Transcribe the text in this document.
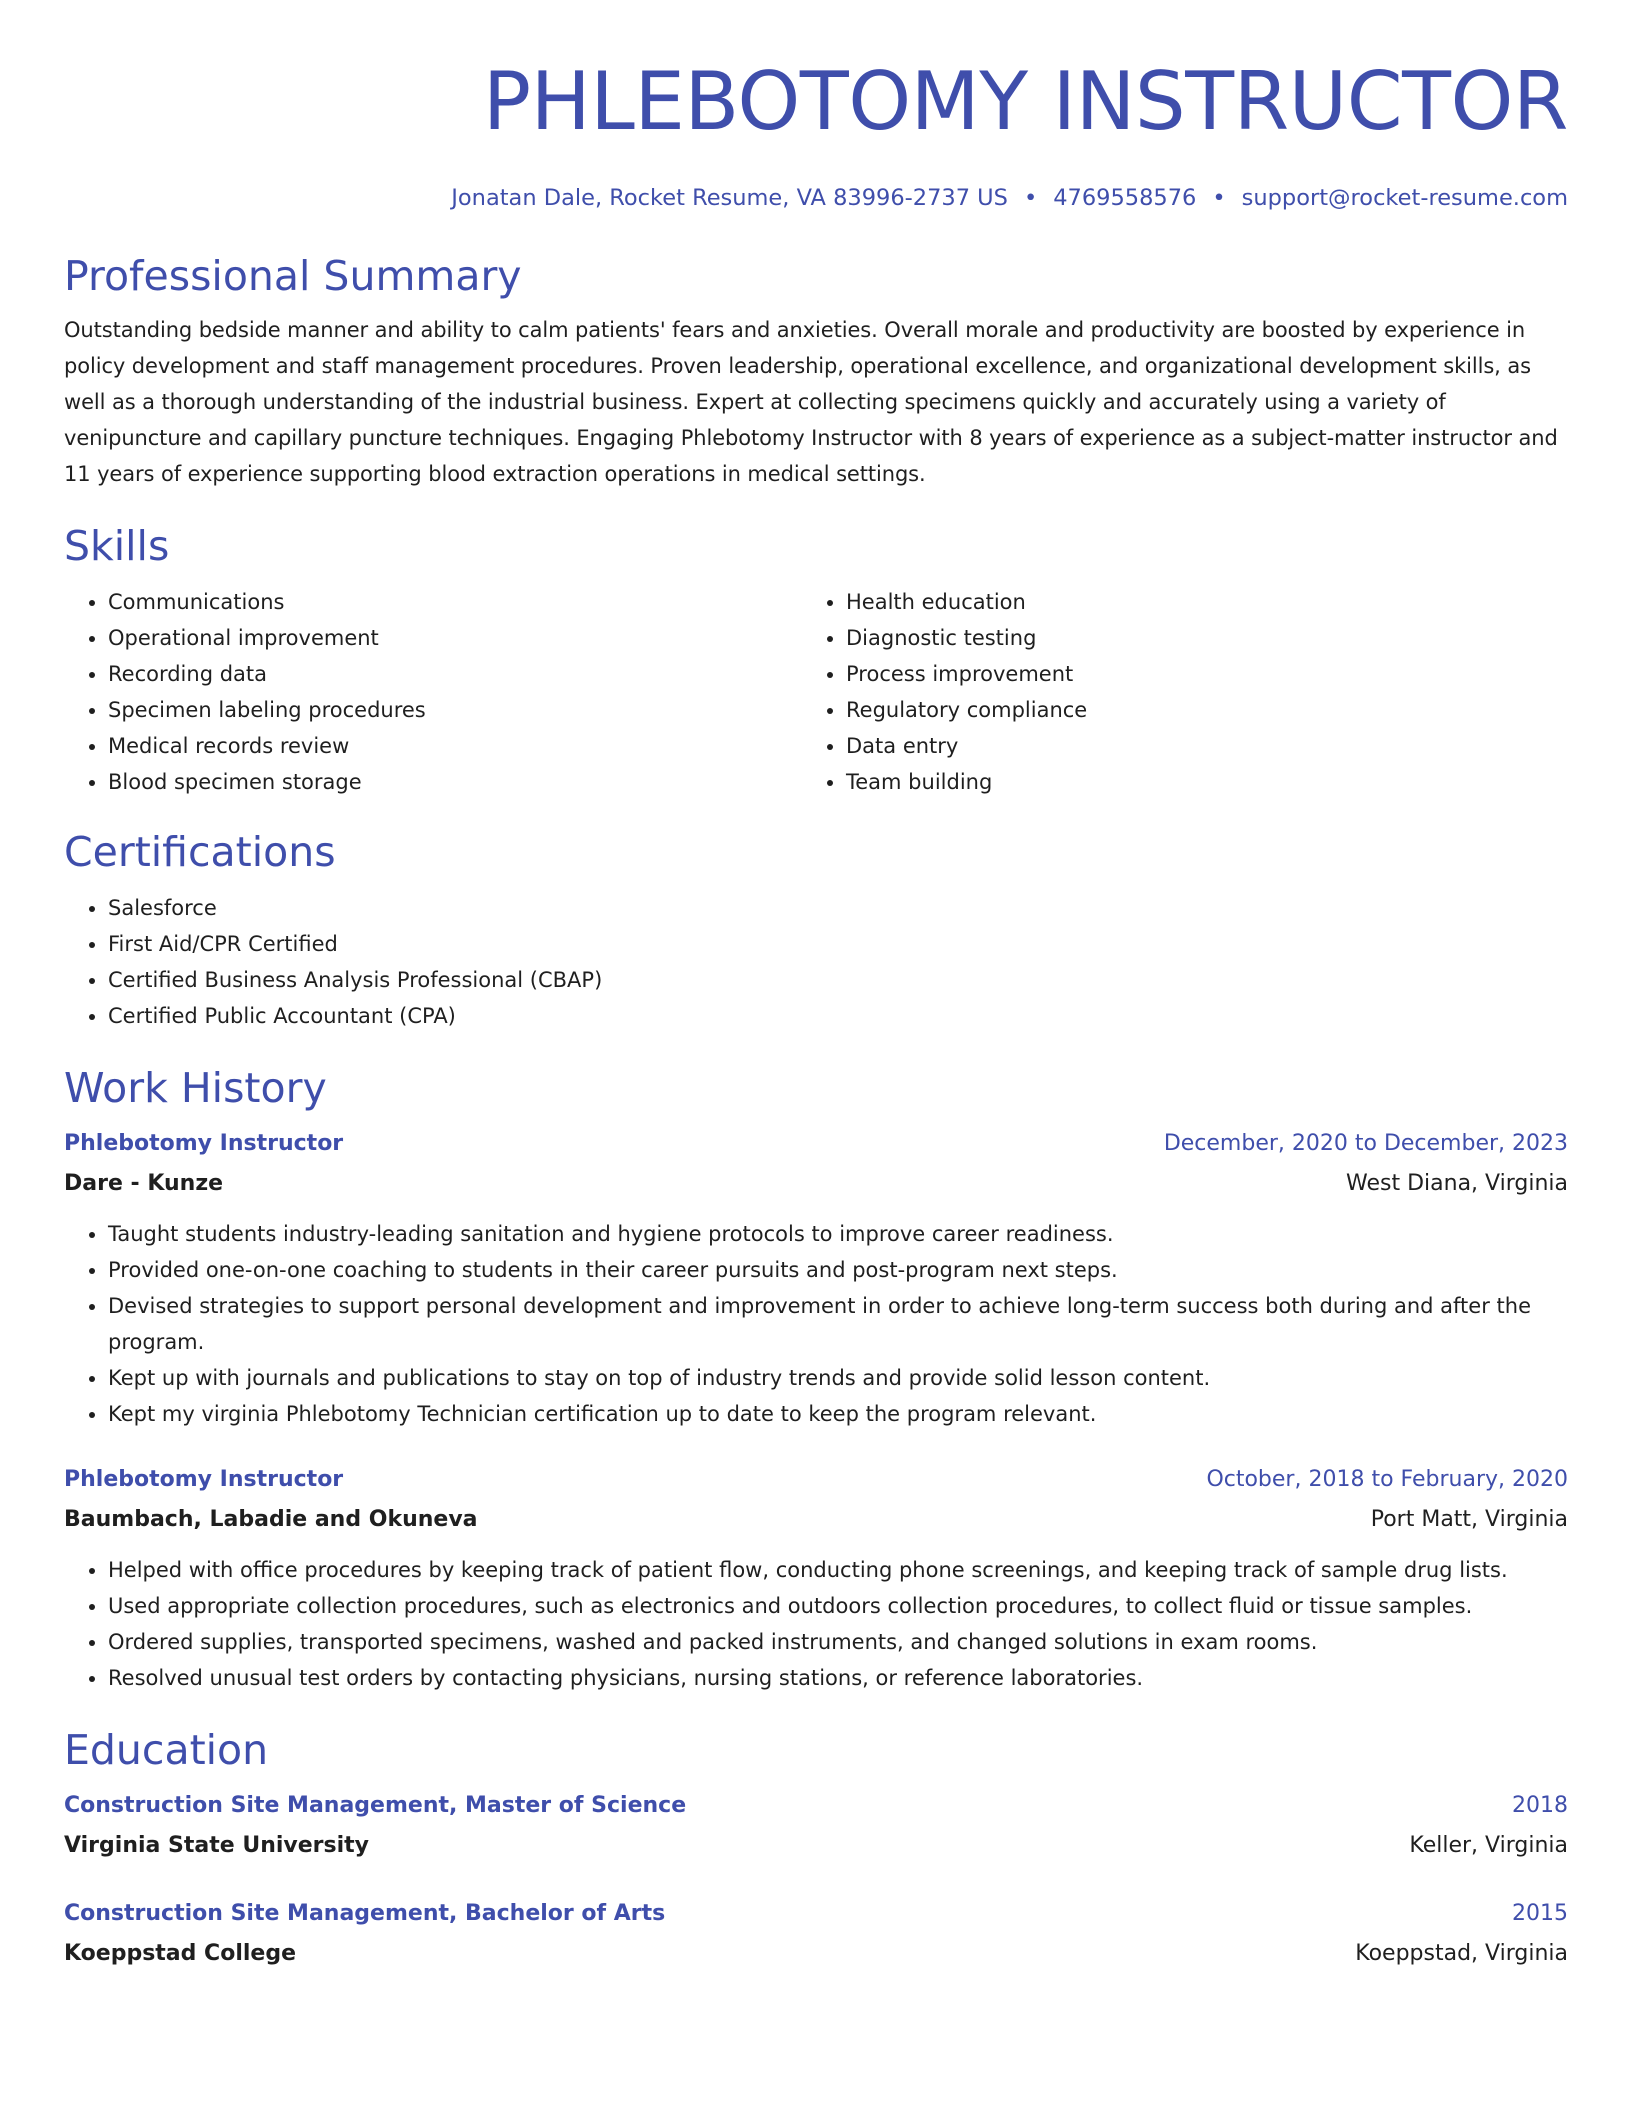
PHLEBOTOMY INSTRUCTOR
Jonatan Dale, Rocket Resume, VA 83996-2737 US • 4769558576 • support@rocket-resume.com
Professional Summary

Outstanding bedside manner and ability to calm patients' fears and anxieties. Overall morale and productivity are boosted by experience in policy development and staff management procedures. Proven leadership, operational excellence, and organizational development skills, as well as a thorough understanding of the industrial business. Expert at collecting specimens quickly and accurately using a variety of venipuncture and capillary puncture techniques. Engaging Phlebotomy Instructor with 8 years of experience as a subject-matter instructor and 11 years of experience supporting blood extraction operations in medical settings.

Skills
• Communications
• Operational improvement
• Recording data
• Specimen labeling procedures
• Medical records review
• Blood specimen storage
• Health education
• Diagnostic testing
• Process improvement
• Regulatory compliance
• Data entry
• Team building
Certifications
• Salesforce
• First Aid/CPR Certified
• Certified Business Analysis Professional (CBAP)
• Certified Public Accountant (CPA)
Work History
Phlebotomy Instructor	December, 2020 to December, 2023
Dare - Kunze	West Diana, Virginia
• Taught students industry-leading sanitation and hygiene protocols to improve career readiness.
• Provided one-on-one coaching to students in their career pursuits and post-program next steps.
• Devised strategies to support personal development and improvement in order to achieve long-term success both during and after the program.
• Kept up with journals and publications to stay on top of industry trends and provide solid lesson content.
• Kept my virginia Phlebotomy Technician certification up to date to keep the program relevant.
Phlebotomy Instructor	October, 2018 to February, 2020
Baumbach, Labadie and Okuneva	Port Matt, Virginia
• Helped with office procedures by keeping track of patient flow, conducting phone screenings, and keeping track of sample drug lists.
• Used appropriate collection procedures, such as electronics and outdoors collection procedures, to collect fluid or tissue samples.
• Ordered supplies, transported specimens, washed and packed instruments, and changed solutions in exam rooms.
• Resolved unusual test orders by contacting physicians, nursing stations, or reference laboratories.
Education
Construction Site Management, Master of Science	2018
Virginia State University	Keller, Virginia
Construction Site Management, Bachelor of Arts	2015
Koeppstad College	Koeppstad, Virginia
